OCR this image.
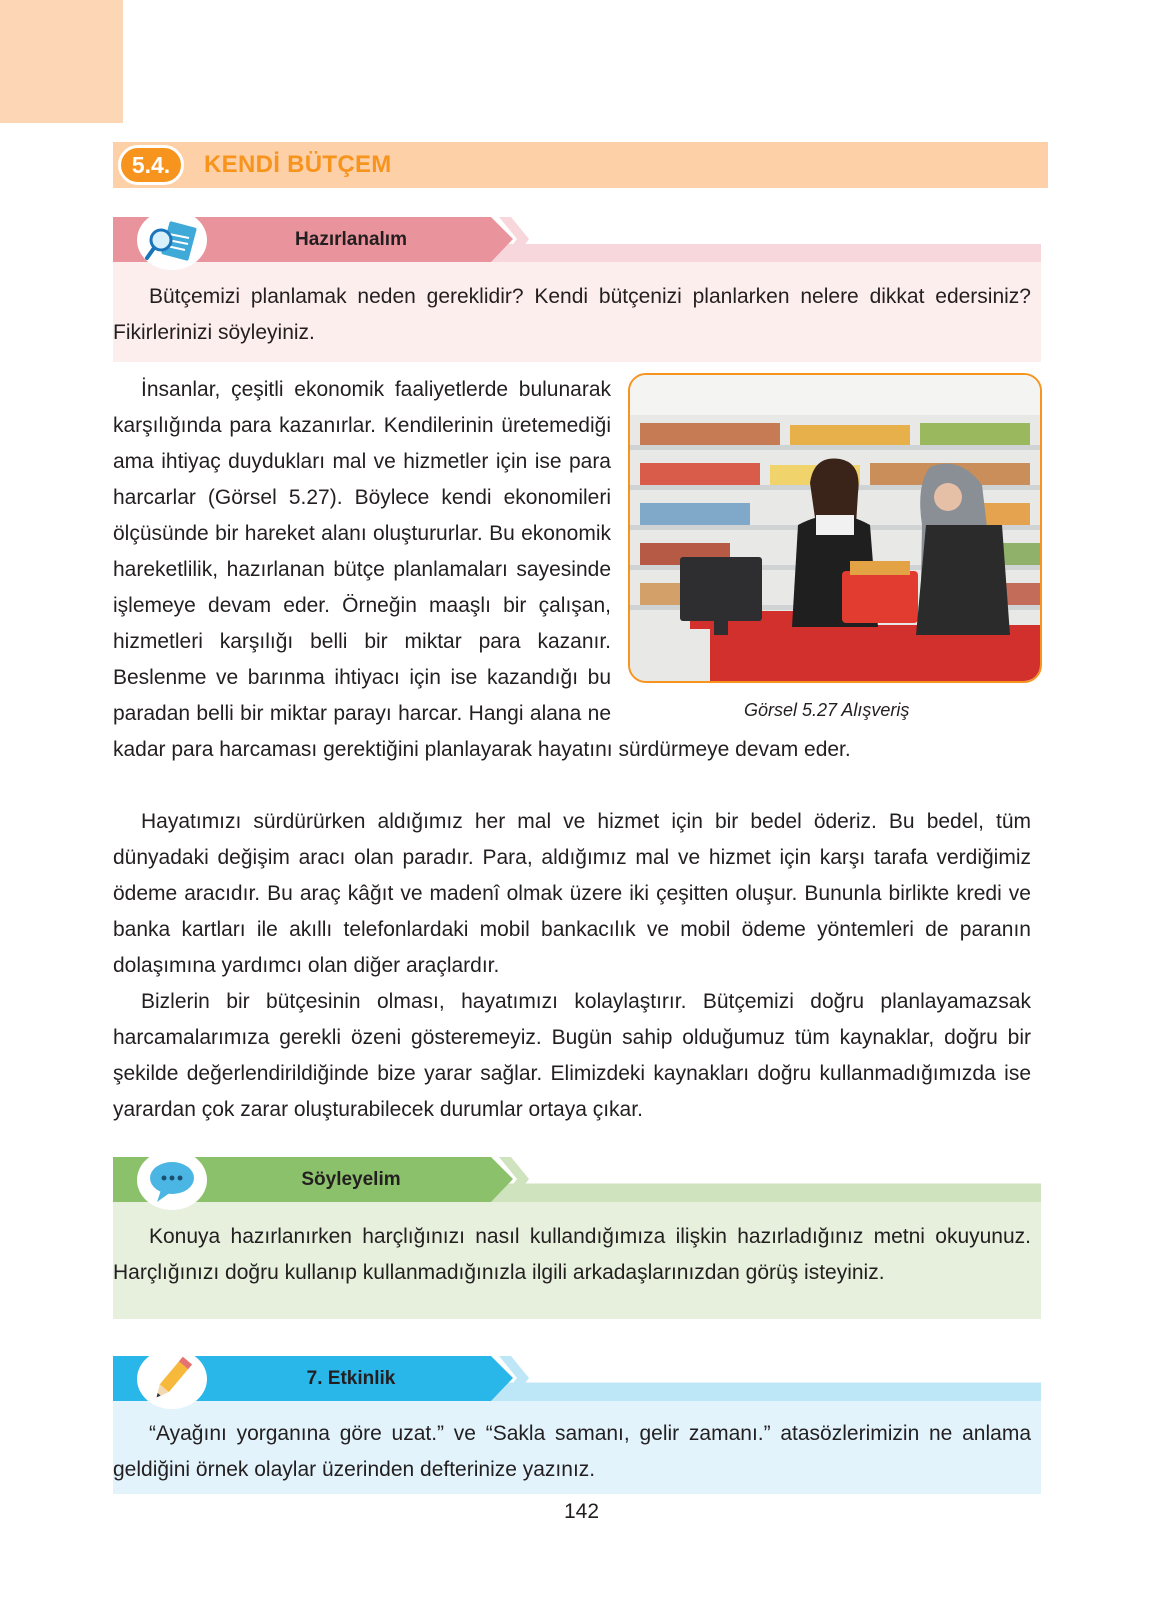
5.4.	KENDİ BÜTÇEM
Hazırlanalım

Bütçemizi planlamak neden gereklidir? Kendi bütçenizi planlarken nelere dikkat edersiniz? Fikirlerinizi söyleyiniz.

Görsel 5.27 Alışveriş
İnsanlar, çeşitli ekonomik faaliyetlerde bulunarak karşılığında para kazanırlar. Kendilerinin üretemediği ama ihtiyaç duydukları mal ve hizmetler için ise para harcarlar (Görsel 5.27). Böylece kendi ekonomileri ölçüsünde bir hareket alanı oluştururlar. Bu ekonomik hareketlilik, hazırlanan bütçe planlamaları sayesinde işlemeye devam eder. Örneğin maaşlı bir çalışan, hizmetleri karşılığı belli bir miktar para kazanır. Beslenme ve barınma ihtiyacı için ise kazandığı bu paradan belli bir miktar parayı harcar. Hangi alana ne kadar para harcaması gerektiğini planlayarak hayatını sürdürmeye devam eder.

Hayatımızı sürdürürken aldığımız her mal ve hizmet için bir bedel öderiz. Bu bedel, tüm dünyadaki değişim aracı olan paradır. Para, aldığımız mal ve hizmet için karşı tarafa verdiğimiz ödeme aracıdır. Bu araç kâğıt ve madenî olmak üzere iki çeşitten oluşur. Bununla birlikte kredi ve banka kartları ile akıllı telefonlardaki mobil bankacılık ve mobil ödeme yöntemleri de paranın dolaşımına yardımcı olan diğer araçlardır.

Bizlerin bir bütçesinin olması, hayatımızı kolaylaştırır. Bütçemizi doğru planlayamazsak harcamalarımıza gerekli özeni gösteremeyiz. Bugün sahip olduğumuz tüm kaynaklar, doğru bir şekilde değerlendirildiğinde bize yarar sağlar. Elimizdeki kaynakları doğru kullanmadığımızda ise yarardan çok zarar oluşturabilecek durumlar ortaya çıkar.

Söyleyelim

Konuya hazırlanırken harçlığınızı nasıl kullandığımıza ilişkin hazırladığınız metni okuyunuz. Harçlığınızı doğru kullanıp kullanmadığınızla ilgili arkadaşlarınızdan görüş isteyiniz.

7. Etkinlik

“Ayağını yorganına göre uzat.” ve “Sakla samanı, gelir zamanı.” atasözlerimizin ne anlama geldiğini örnek olaylar üzerinden defterinize yazınız.

142
